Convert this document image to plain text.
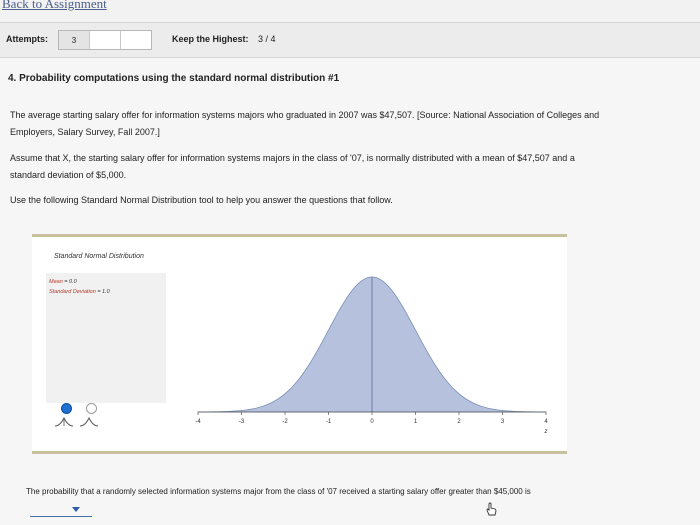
Back to Assignment
Attempts:	3	Keep the Highest: 3 / 4
4. Probability computations using the standard normal distribution #1
The average starting salary offer for information systems majors who graduated in 2007 was $47,507. [Source: National Association of Colleges and
Employers, Salary Survey, Fall 2007.]
Assume that X, the starting salary offer for information systems majors in the class of '07, is normally distributed with a mean of $47,507 and a
standard deviation of $5,000.
Use the following Standard Normal Distribution tool to help you answer the questions that follow.
Standard Normal Distribution
Mean = 0.0
Standard Deviation = 1.0
-4	-3	-2	-1	0	1	2	3	4
z
The probability that a randomly selected information systems major from the class of '07 received a starting salary offer greater than $45,000 is
